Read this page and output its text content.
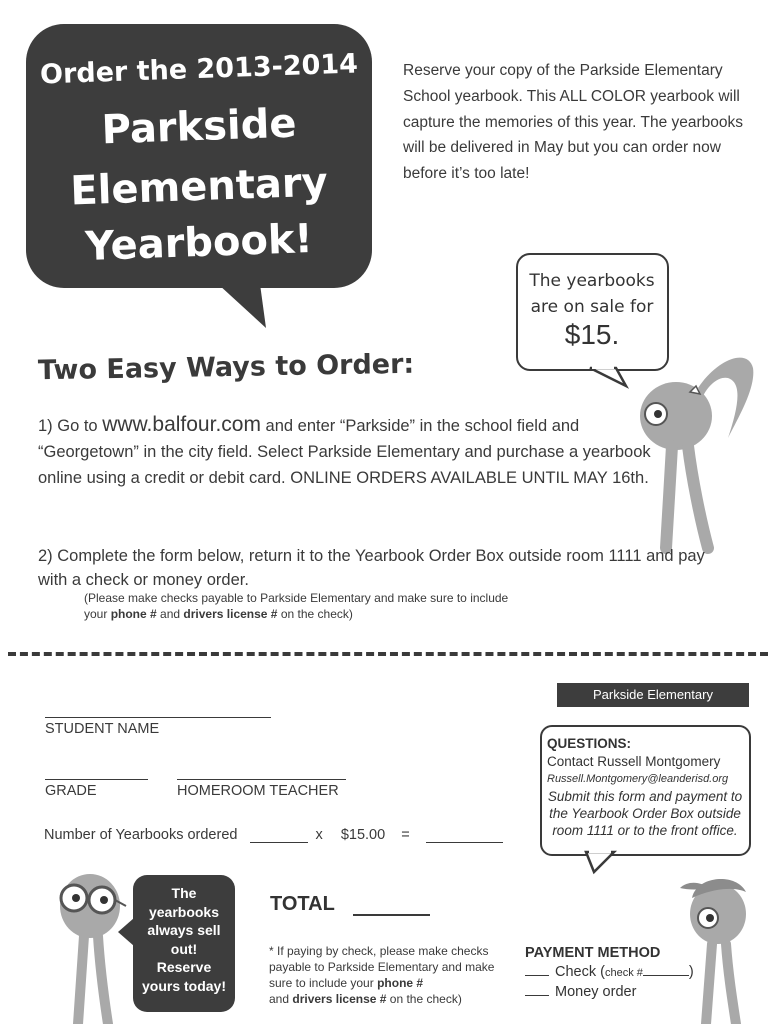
Order the 2013-2014
Parkside
Elementary
Yearbook!

Reserve your copy of the Parkside Elementary School yearbook. This ALL COLOR yearbook will capture the memories of this year. The yearbooks will be delivered in May but you can order now before it’s too late!

The yearbooks
are on sale for
$15.
Two Easy Ways to Order:

1) Go to www.balfour.com and enter “Parkside” in the school field and “Georgetown” in the city field. Select Parkside Elementary and purchase a yearbook online using a credit or debit card. ONLINE ORDERS AVAILABLE UNTIL MAY 16th.

2) Complete the form below, return it to the Yearbook Order Box outside room 1111 and pay with a check or money order.

(Please make checks payable to Parkside Elementary and make sure to include your phone # and drivers license # on the check)

Parkside Elementary
STUDENT NAME
GRADE	HOMEROOM TEACHER
Number of Yearbooks ordered	x $15.00 =
QUESTIONS:
Contact Russell Montgomery
Russell.Montgomery@leanderisd.org
Submit this form and payment to the Yearbook Order Box outside room 1111 or to the front office.
The
yearbooks
always sell
out!
Reserve
yours today!
TOTAL

* If paying by check, please make checks payable to Parkside Elementary and make sure to include your phone #
and drivers license # on the check)

PAYMENT METHOD
Check (check #	)
Money order
